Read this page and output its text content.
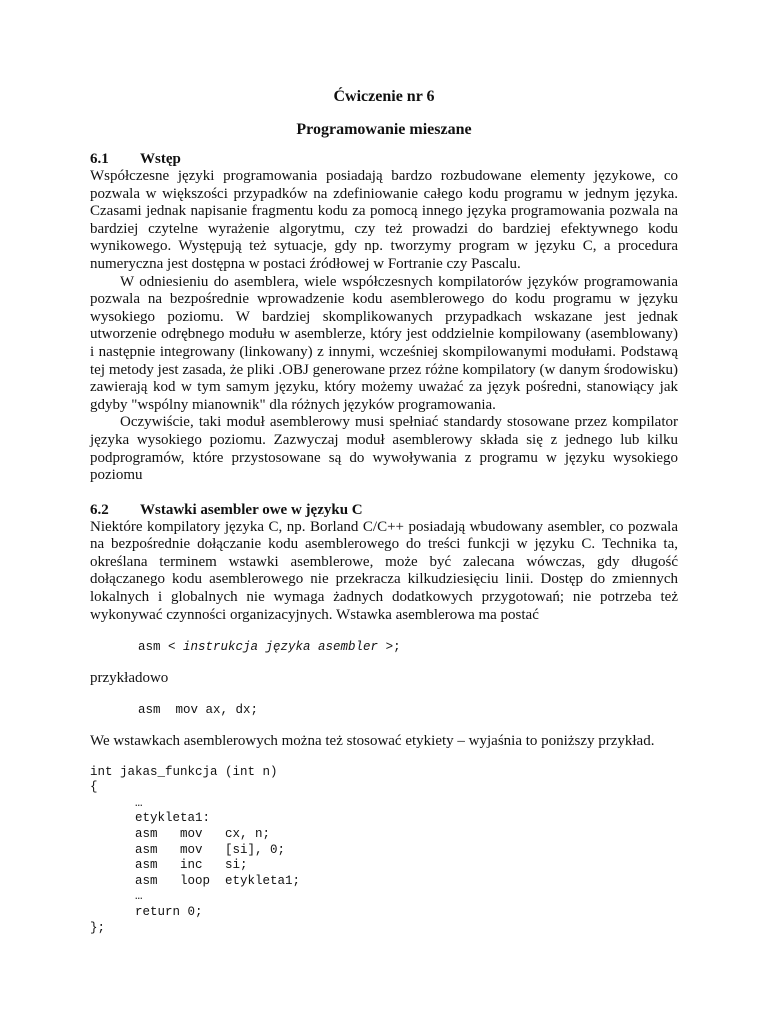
Ćwiczenie nr 6
Programowanie mieszane
6.1	Wstęp

Współczesne języki programowania posiadają bardzo rozbudowane elementy językowe, co pozwala w większości przypadków na zdefiniowanie całego kodu programu w jednym języka. Czasami jednak napisanie fragmentu kodu za pomocą innego języka programowania pozwala na bardziej czytelne wyrażenie algorytmu, czy też prowadzi do bardziej efektywnego kodu wynikowego. Występują też sytuacje, gdy np. tworzymy program w języku C, a procedura numeryczna jest dostępna w postaci źródłowej w Fortranie czy Pascalu.

W odniesieniu do asemblera, wiele współczesnych kompilatorów języków programowania pozwala na bezpośrednie wprowadzenie kodu asemblerowego do kodu programu w języku wysokiego poziomu. W bardziej skomplikowanych przypadkach wskazane jest jednak utworzenie odrębnego modułu w asemblerze, który jest oddzielnie kompilowany (asemblowany) i następnie integrowany (linkowany) z innymi, wcześniej skompilowanymi modułami. Podstawą tej metody jest zasada, że pliki .OBJ generowane przez różne kompilatory (w danym środowisku) zawierają kod w tym samym języku, który możemy uważać za język pośredni, stanowiący jak gdyby "wspólny mianownik" dla różnych języków programowania.

Oczywiście, taki moduł asemblerowy musi spełniać standardy stosowane przez kompilator języka wysokiego poziomu. Zazwyczaj moduł asemblerowy składa się z jednego lub kilku podprogramów, które przystosowane są do wywoływania z programu w języku wysokiego poziomu

6.2	Wstawki asembler owe w języku C

Niektóre kompilatory języka C, np. Borland C/C++ posiadają wbudowany asembler, co pozwala na bezpośrednie dołączanie kodu asemblerowego do treści funkcji w języku C. Technika ta, określana terminem wstawki asemblerowe, może być zalecana wówczas, gdy długość dołączanego kodu asemblerowego nie przekracza kilkudziesięciu linii. Dostęp do zmiennych lokalnych i globalnych nie wymaga żadnych dodatkowych przygotowań; nie potrzeba też wykonywać czynności organizacyjnych. Wstawka asemblerowa ma postać

asm < instrukcja języka asembler >;

przykładowo

asm  mov ax, dx;

We wstawkach asemblerowych można też stosować etykiety – wyjaśnia to poniższy przykład.

int jakas_funkcja (int n)
{
…
etykleta1:
asm   mov   cx, n;
asm   mov   [si], 0;
asm   inc   si;
asm   loop  etykleta1;
…
return 0;
};
